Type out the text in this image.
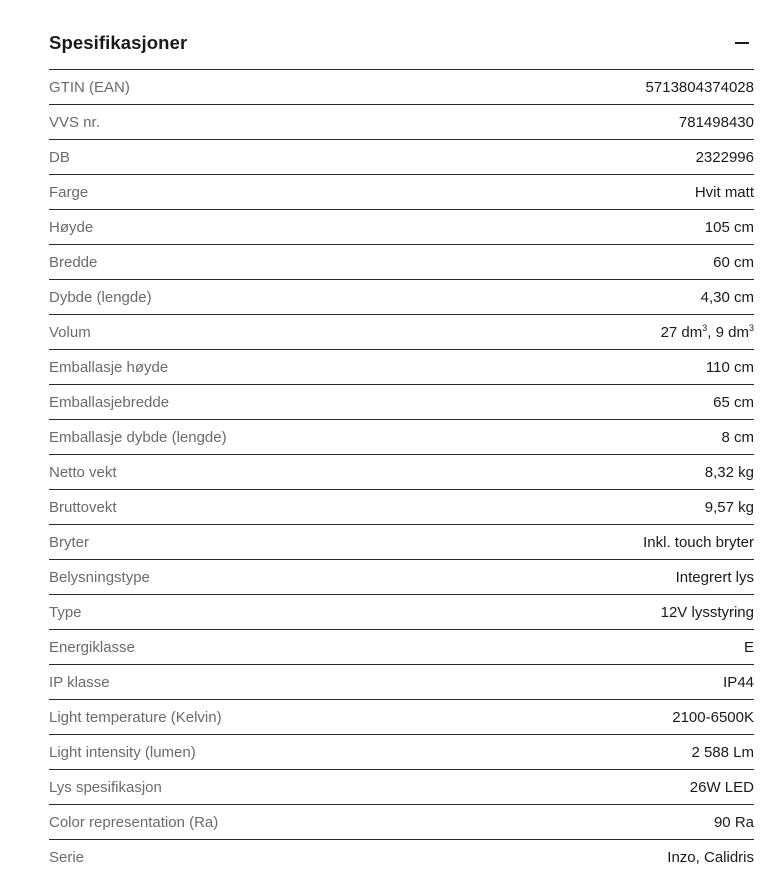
Spesifikasjoner
GTIN (EAN)	5713804374028
VVS nr.	781498430
DB	2322996
Farge	Hvit matt
Høyde	105 cm
Bredde	60 cm
Dybde (lengde)	4,30 cm
Volum	27 $dm^3$, 9 $dm^3$
Emballasje høyde	110 cm
Emballasjebredde	65 cm
Emballasje dybde (lengde)	8 cm
Netto vekt	8,32 kg
Bruttovekt	9,57 kg
Bryter	Inkl. touch bryter
Belysningstype	Integrert lys
Type	12V lysstyring
Energiklasse	E
IP klasse	IP44
Light temperature (Kelvin)	2100-6500K
Light intensity (lumen)	2 588 Lm
Lys spesifikasjon	26W LED
Color representation (Ra)	90 Ra
Serie	Inzo, Calidris
